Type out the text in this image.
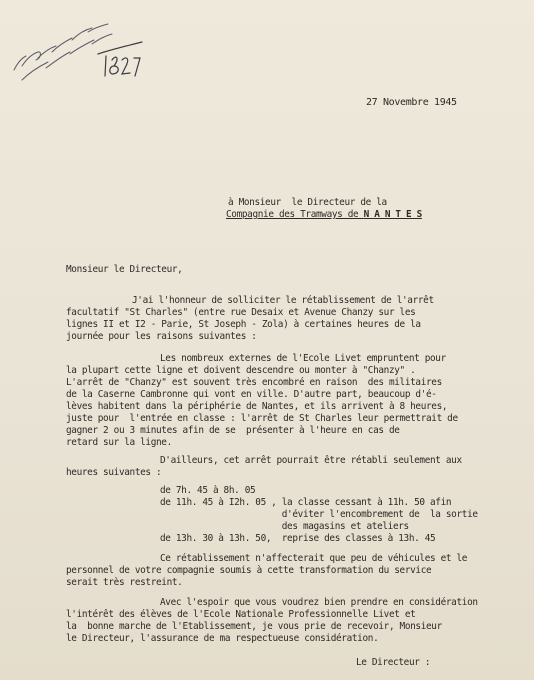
27 Novembre 1945
à Monsieur  le Directeur de la
Compagnie des Tramways de N A N T E S
Monsieur le Directeur,
J'ai l'honneur de solliciter le rétablissement de l'arrêt
facultatif "St Charles" (entre rue Desaix et Avenue Chanzy sur les
lignes II et I2 - Parie, St Joseph - Zola) à certaines heures de la
journée pour les raisons suivantes :
Les nombreux externes de l'Ecole Livet empruntent pour
la plupart cette ligne et doivent descendre ou monter à "Chanzy" .
L'arrêt de "Chanzy" est souvent très encombré en raison  des militaires
de la Caserne Cambronne qui vont en ville. D'autre part, beaucoup d'é-
lèves habitent dans la périphérie de Nantes, et ils arrivent à 8 heures,
juste pour  l'entrée en classe : l'arrêt de St Charles leur permettrait de
gagner 2 ou 3 minutes afin de se  présenter à l'heure en cas de
retard sur la ligne.
D'ailleurs, cet arrêt pourrait être rétabli seulement aux
heures suivantes :
de 7h. 45 à 8h. 05
de 11h. 45 à I2h. 05 , la classe cessant à 11h. 50 afin
d'éviter l'encombrement de  la sortie
des magasins et ateliers
de 13h. 30 à 13h. 50,  reprise des classes à 13h. 45
Ce rétablissement n'affecterait que peu de véhicules et le
personnel de votre compagnie soumis à cette transformation du service
serait très restreint.
Avec l'espoir que vous voudrez bien prendre en considération
l'intérêt des élèves de l'Ecole Nationale Professionnelle Livet et
la  bonne marche de l'Etablissement, je vous prie de recevoir, Monsieur
le Directeur, l'assurance de ma respectueuse considération.
Le Directeur :
